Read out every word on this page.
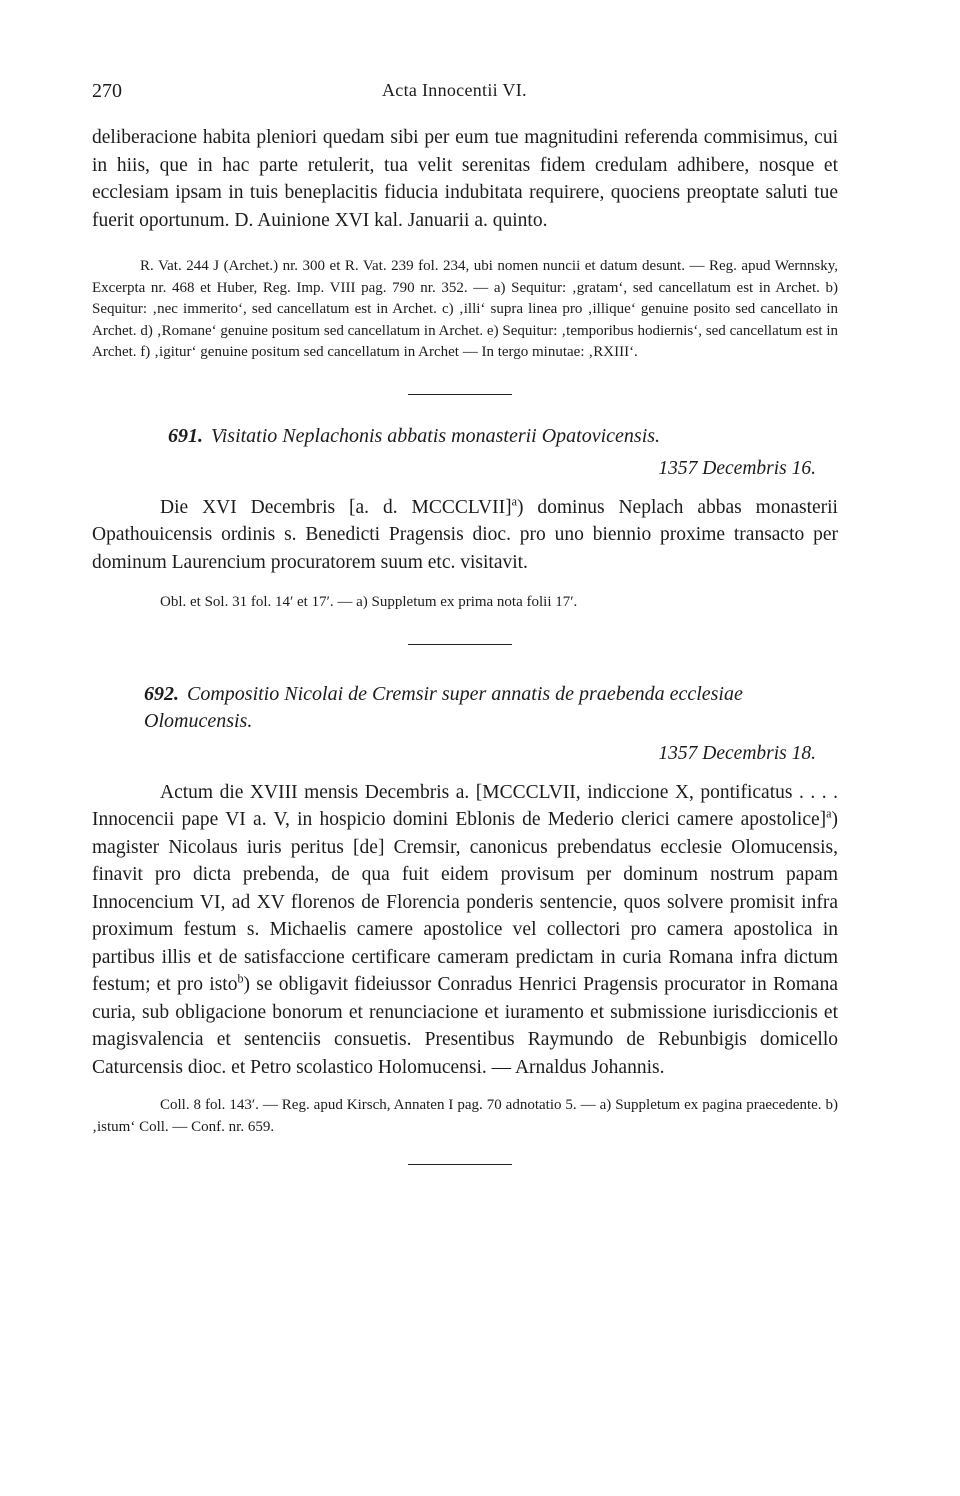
270	Acta Innocentii VI.

deliberacione habita pleniori quedam sibi per eum tue magnitudini referenda commisimus, cui in hiis, que in hac parte retulerit, tua velit serenitas fidem credulam adhibere, nosque et ecclesiam ipsam in tuis beneplacitis fiducia indubitata requirere, quociens preoptate saluti tue fuerit oportunum. D. Auinione XVI kal. Januarii a. quinto.

R. Vat. 244 J (Archet.) nr. 300 et R. Vat. 239 fol. 234, ubi nomen nuncii et datum desunt. — Reg. apud Wernnsky, Excerpta nr. 468 et Huber, Reg. Imp. VIII pag. 790 nr. 352. — a) Sequitur: ‚gratam‘, sed cancellatum est in Archet. b) Sequitur: ‚nec immerito‘, sed cancellatum est in Archet. c) ‚illi‘ supra linea pro ‚illique‘ genuine posito sed cancellato in Archet. d) ‚Romane‘ genuine positum sed cancellatum in Archet. e) Sequitur: ‚temporibus hodiernis‘, sed cancellatum est in Archet. f) ‚igitur‘ genuine positum sed cancellatum in Archet — In tergo minutae: ‚RXIII‘.

691. Visitatio Neplachonis abbatis monasterii Opatovicensis.
1357 Decembris 16.

Die XVI Decembris [a. d. MCCCLVII]$^a$) dominus Neplach abbas monasterii Opathouicensis ordinis s. Benedicti Pragensis dioc. pro uno biennio proxime transacto per dominum Laurencium procuratorem suum etc. visitavit.

Obl. et Sol. 31 fol. 14′ et 17′. — a) Suppletum ex prima nota folii 17′.

692. Compositio Nicolai de Cremsir super annatis de praebenda ecclesiae Olomucensis.
1357 Decembris 18.

Actum die XVIII mensis Decembris a. [MCCCLVII, indiccione X, pontificatus . . . . Innocencii pape VI a. V, in hospicio domini Eblonis de Mederio clerici camere apostolice]$^a$) magister Nicolaus iuris peritus [de] Cremsir, canonicus prebendatus ecclesie Olomucensis, finavit pro dicta prebenda, de qua fuit eidem provisum per dominum nostrum papam Innocencium VI, ad XV florenos de Florencia ponderis sentencie, quos solvere promisit infra proximum festum s. Michaelis camere apostolice vel collectori pro camera apostolica in partibus illis et de satisfaccione certificare cameram predictam in curia Romana infra dictum festum; et pro isto$^b$) se obligavit fideiussor Conradus Henrici Pragensis procurator in Romana curia, sub obligacione bonorum et renunciacione et iuramento et submissione iurisdiccionis et magisvalencia et sentenciis consuetis. Presentibus Raymundo de Rebunbigis domicello Caturcensis dioc. et Petro scolastico Holomucensi. — Arnaldus Johannis.

Coll. 8 fol. 143′. — Reg. apud Kirsch, Annaten I pag. 70 adnotatio 5. — a) Suppletum ex pagina praecedente. b) ‚istum‘ Coll. — Conf. nr. 659.
